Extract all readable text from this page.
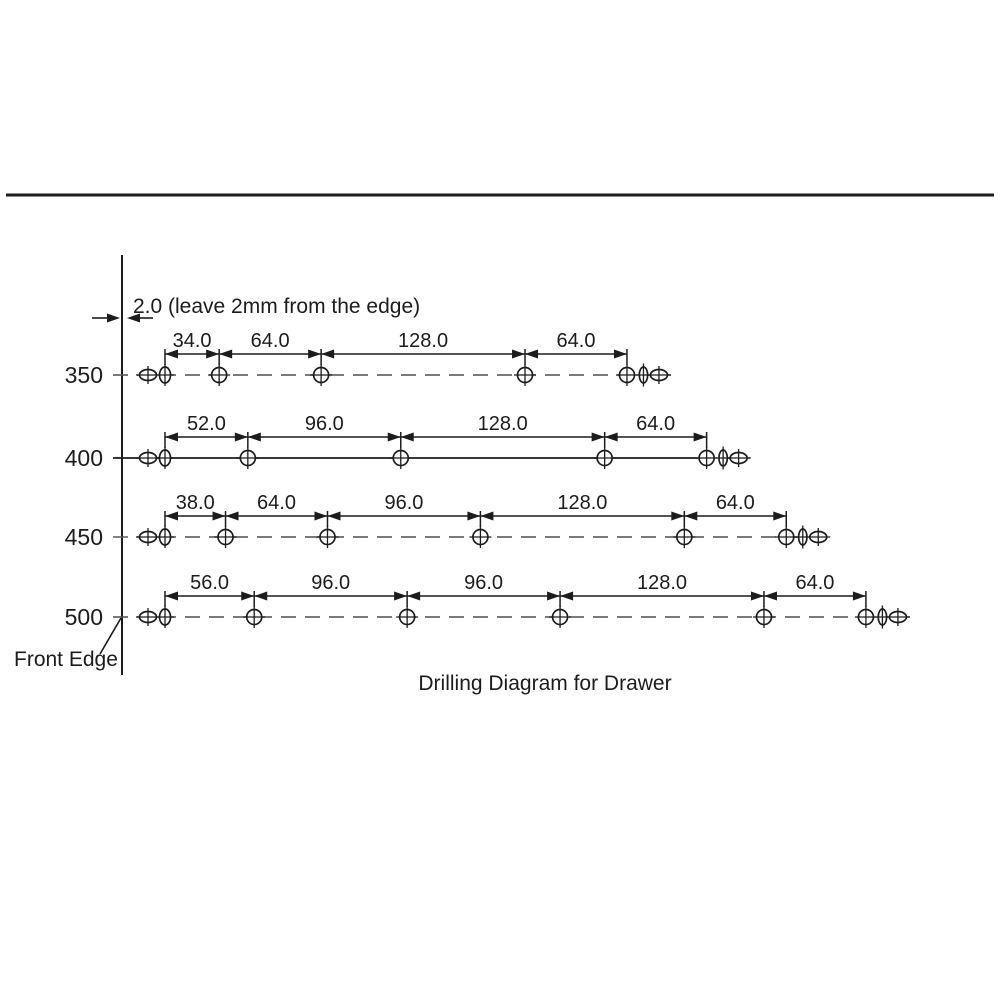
34.0 64.0	128.0	64.0
350
52.0	96.0	128.0	64.0
400
38.0 64.0	96.0	128.0	64.0
450
56.0	96.0	96.0	128.0	64.0
500
2.0 (leave 2mm from the edge)
Front Edge
Drilling Diagram for Drawer
